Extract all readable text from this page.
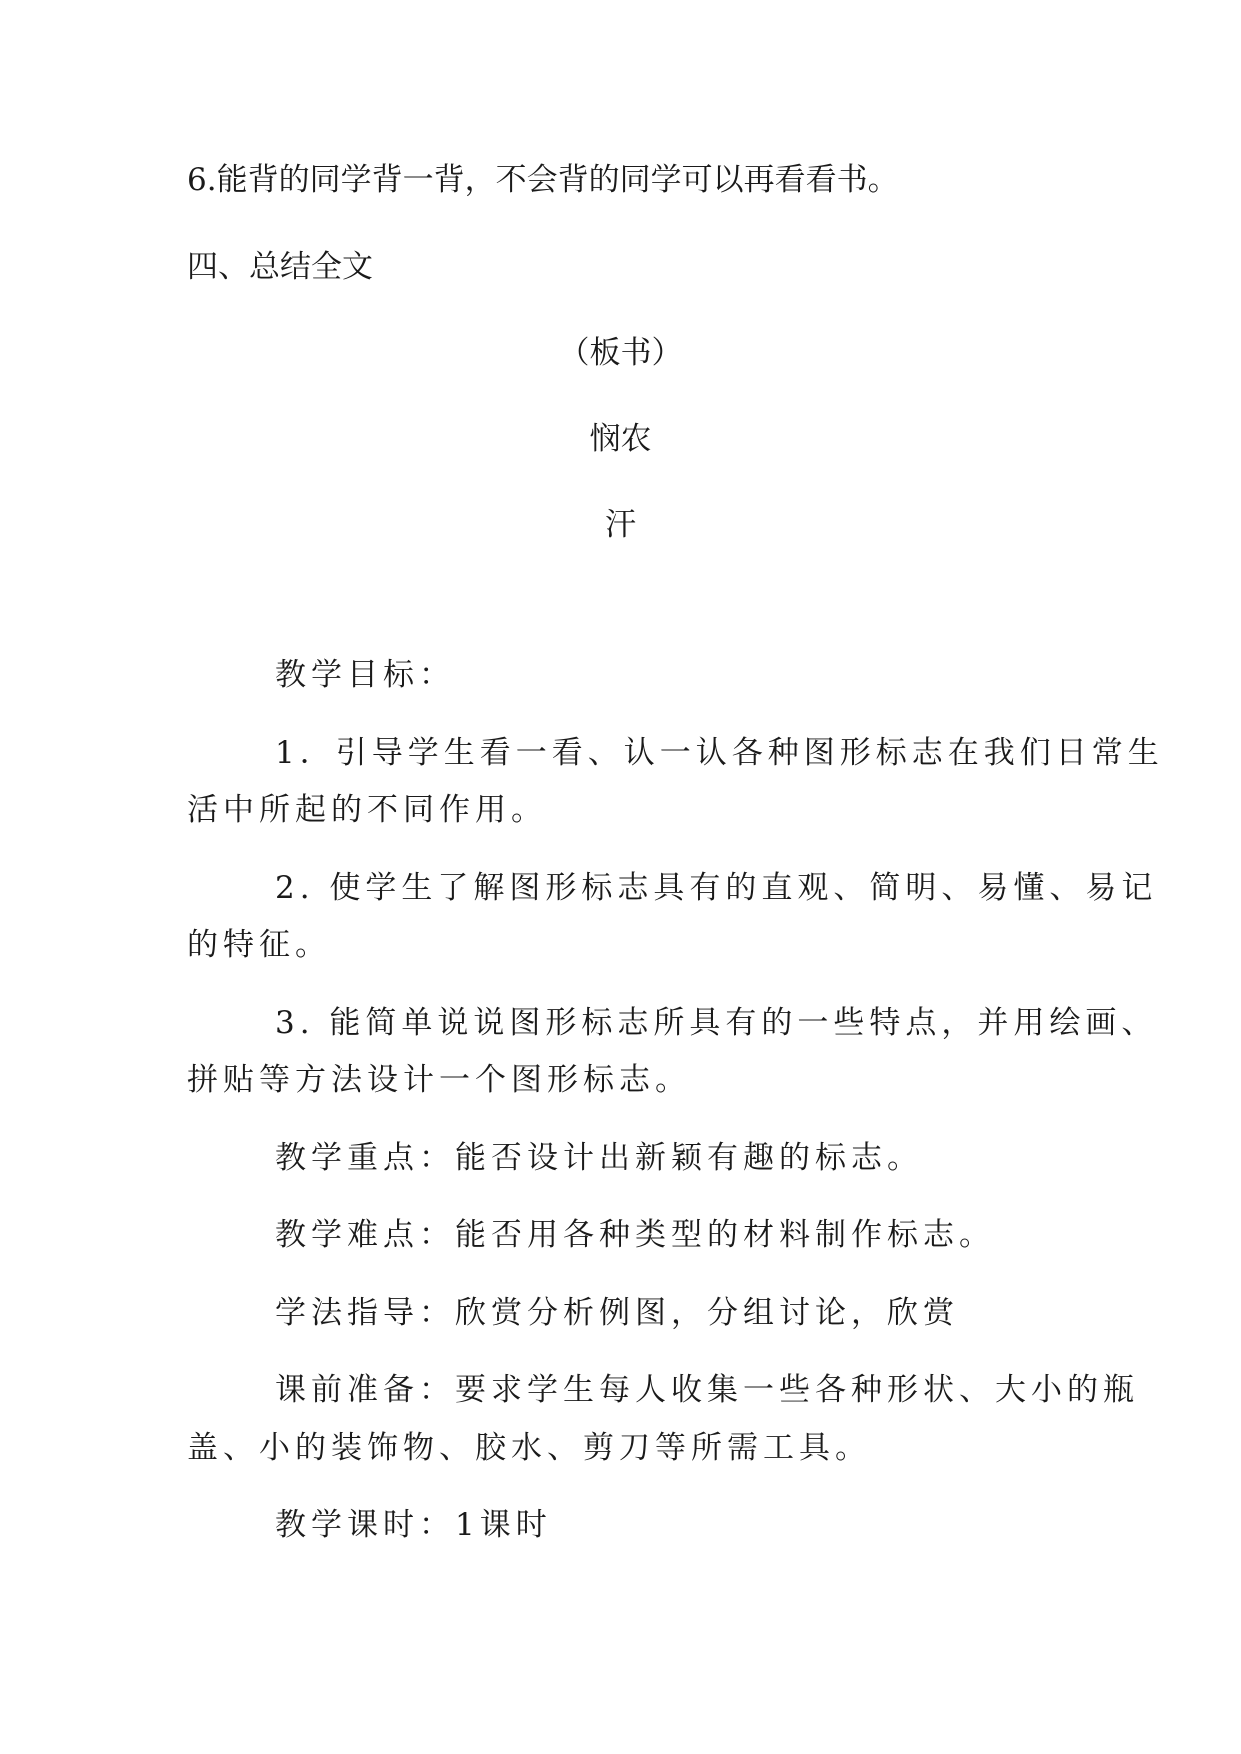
6.能背的同学背一背，不会背的同学可以再看看书。
四、总结全文
（板书）
悯农
汗
教学目标：
1．引导学生看一看、认一认各种图形标志在我们日常生
活中所起的不同作用。
2. 使学生了解图形标志具有的直观、简明、易懂、易记
的特征。
3. 能简单说说图形标志所具有的一些特点，并用绘画、
拼贴等方法设计一个图形标志。
教学重点：能否设计出新颖有趣的标志。
教学难点：能否用各种类型的材料制作标志。
学法指导：欣赏分析例图，分组讨论，欣赏
课前准备：要求学生每人收集一些各种形状、大小的瓶
盖、小的装饰物、胶水、剪刀等所需工具。
教学课时：1课时
